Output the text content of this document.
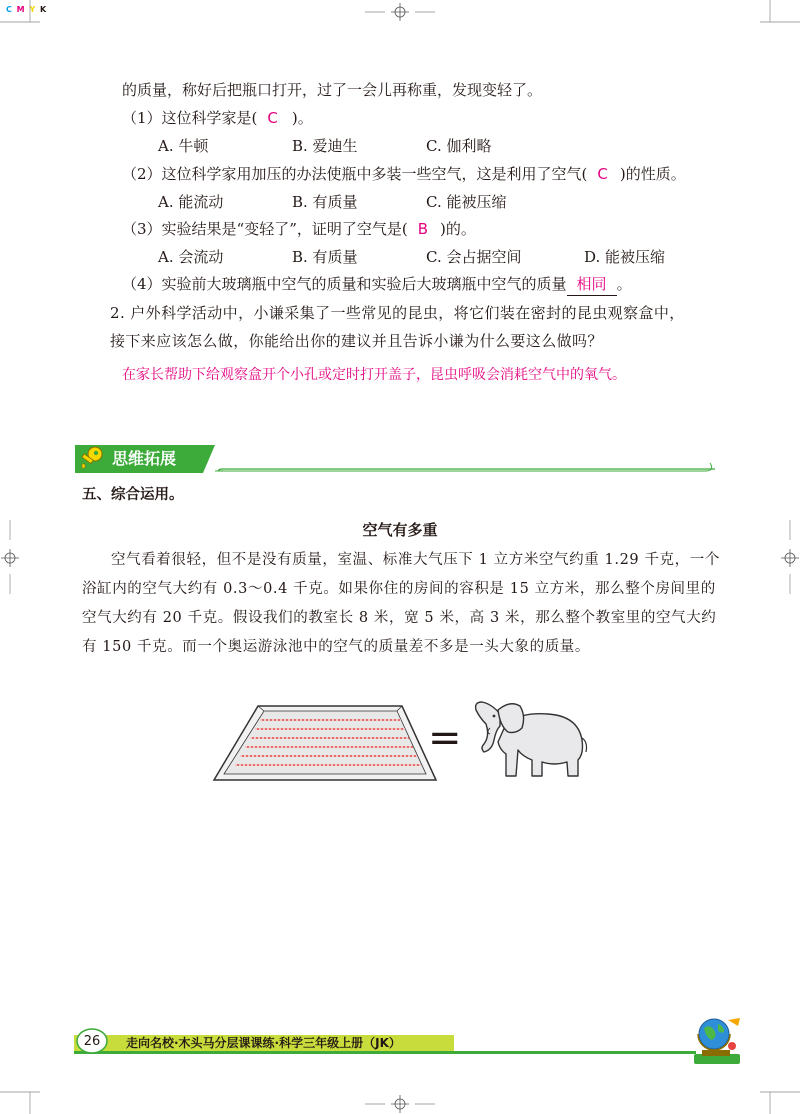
C M Y K
的质量，称好后把瓶口打开，过了一会儿再称重，发现变轻了。
（1）这位科学家是( C )。
A. 牛顿	B. 爱迪生	C. 伽利略
（2）这位科学家用加压的办法使瓶中多装一些空气，这是利用了空气( C )的性质。
A. 能流动	B. 有质量	C. 能被压缩
（3）实验结果是“变轻了”，证明了空气是( B )的。
A. 会流动	B. 有质量	C. 会占据空间	D. 能被压缩
（4）实验前大玻璃瓶中空气的质量和实验后大玻璃瓶中空气的质量 相同 。
2. 户外科学活动中，小谦采集了一些常见的昆虫，将它们装在密封的昆虫观察盒中，
接下来应该怎么做，你能给出你的建议并且告诉小谦为什么要这么做吗？
在家长帮助下给观察盒开个小孔或定时打开盖子，昆虫呼吸会消耗空气中的氧气。
思维拓展
五、综合运用。
空气有多重
空气看着很轻，但不是没有质量，室温、标准大气压下 1 立方米空气约重 1.29 千克，一个浴缸内的空气大约有 0.3～0.4 千克。如果你住的房间的容积是 15 立方米，那么整个房间里的空气大约有 20 千克。假设我们的教室长 8 米，宽 5 米，高 3 米，那么整个教室里的空气大约有 150 千克。而一个奥运游泳池中的空气的质量差不多是一头大象的质量。
=
26	走向名校·木头马分层课课练·科学三年级上册（JK）
